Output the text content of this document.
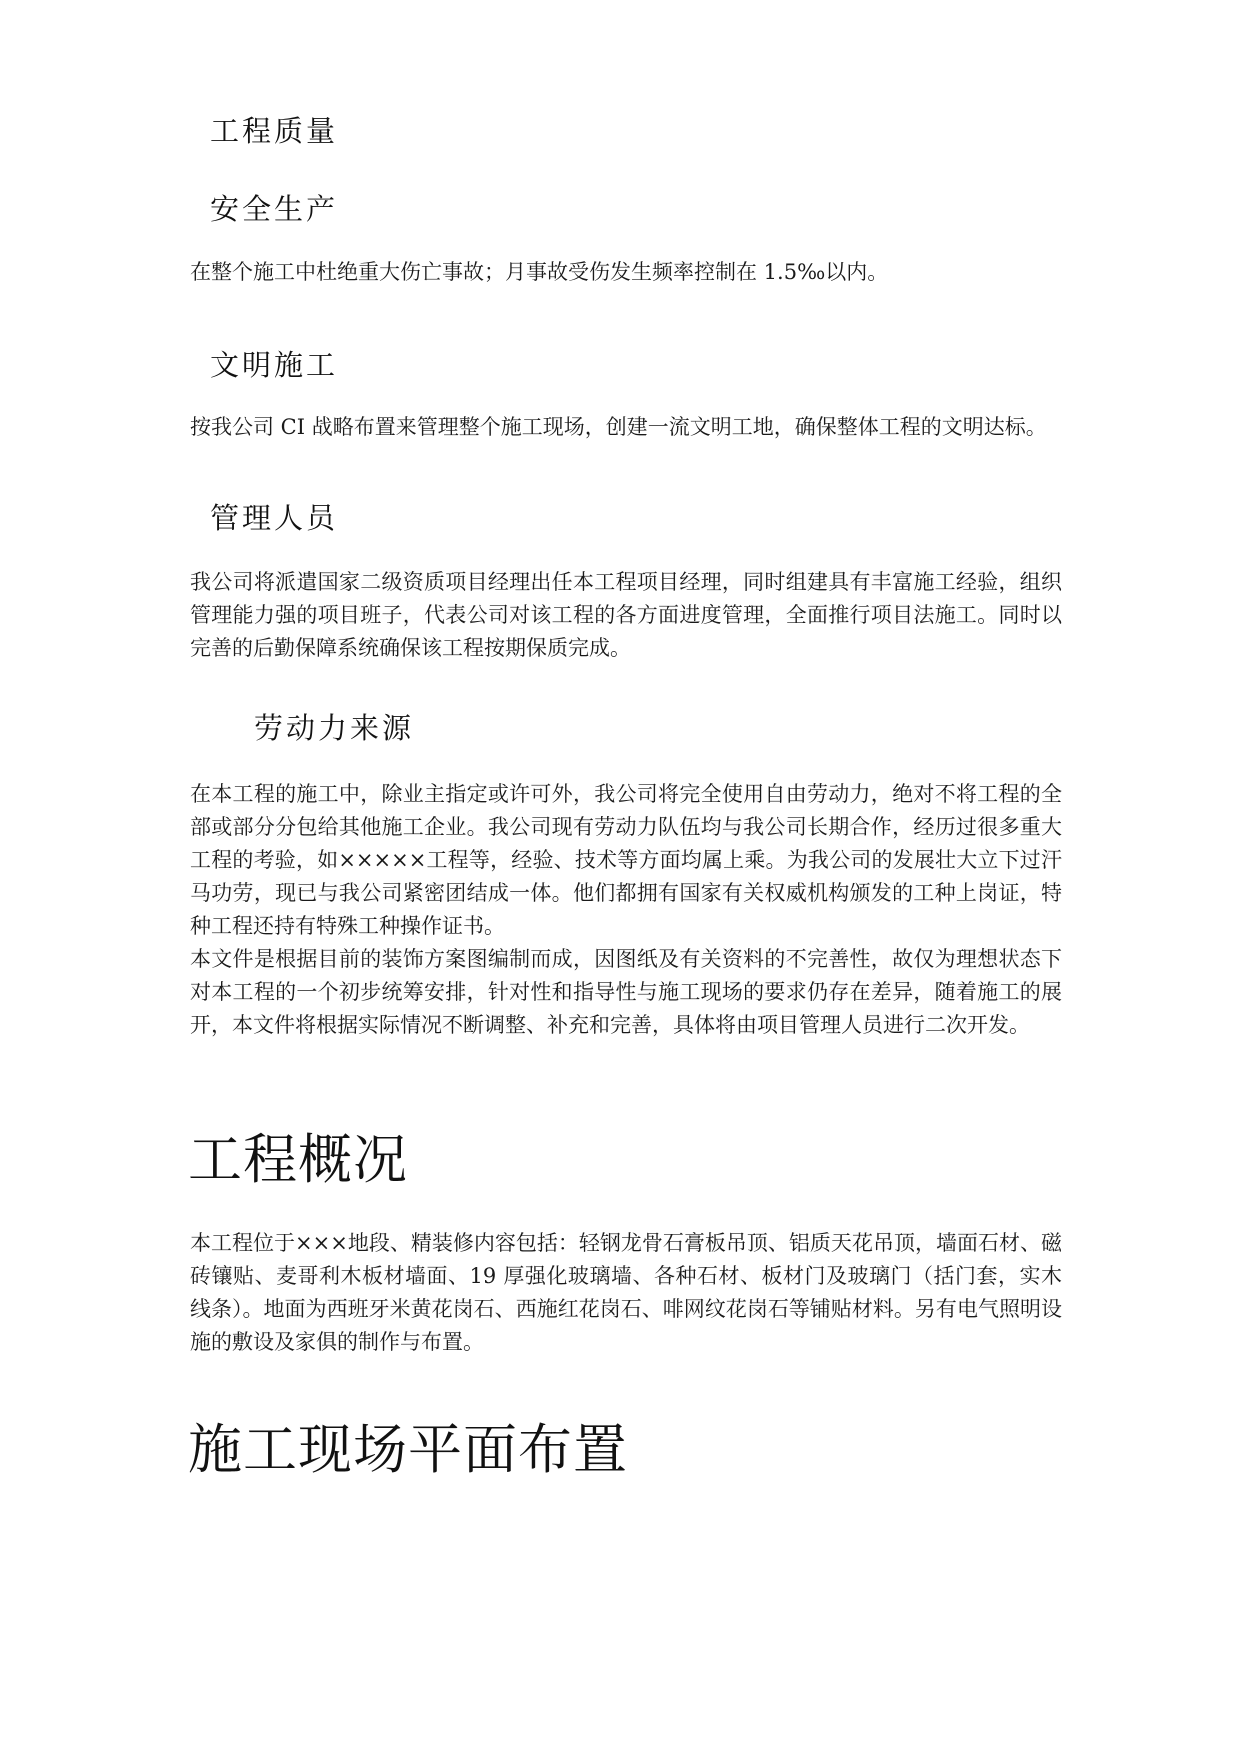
工程质量
安全生产

在整个施工中杜绝重大伤亡事故；月事故受伤发生频率控制在 1.5‰以内。

文明施工

按我公司 CI 战略布置来管理整个施工现场，创建一流文明工地，确保整体工程的文明达标。

管理人员

我公司将派遣国家二级资质项目经理出任本工程项目经理，同时组建具有丰富施工经验，组织管理能力强的项目班子，代表公司对该工程的各方面进度管理，全面推行项目法施工。同时以完善的后勤保障系统确保该工程按期保质完成。

劳动力来源

在本工程的施工中，除业主指定或许可外，我公司将完全使用自由劳动力，绝对不将工程的全部或部分分包给其他施工企业。我公司现有劳动力队伍均与我公司长期合作，经历过很多重大工程的考验，如×××××工程等，经验、技术等方面均属上乘。为我公司的发展壮大立下过汗马功劳，现已与我公司紧密团结成一体。他们都拥有国家有关权威机构颁发的工种上岗证，特种工程还持有特殊工种操作证书。

本文件是根据目前的装饰方案图编制而成，因图纸及有关资料的不完善性，故仅为理想状态下对本工程的一个初步统筹安排，针对性和指导性与施工现场的要求仍存在差异，随着施工的展开，本文件将根据实际情况不断调整、补充和完善，具体将由项目管理人员进行二次开发。

工程概况

本工程位于×××地段、精装修内容包括：轻钢龙骨石膏板吊顶、铝质天花吊顶，墙面石材、磁砖镶贴、麦哥利木板材墙面、19 厚强化玻璃墙、各种石材、板材门及玻璃门（括门套，实木线条）。地面为西班牙米黄花岗石、西施红花岗石、啡网纹花岗石等铺贴材料。另有电气照明设施的敷设及家俱的制作与布置。

施工现场平面布置
